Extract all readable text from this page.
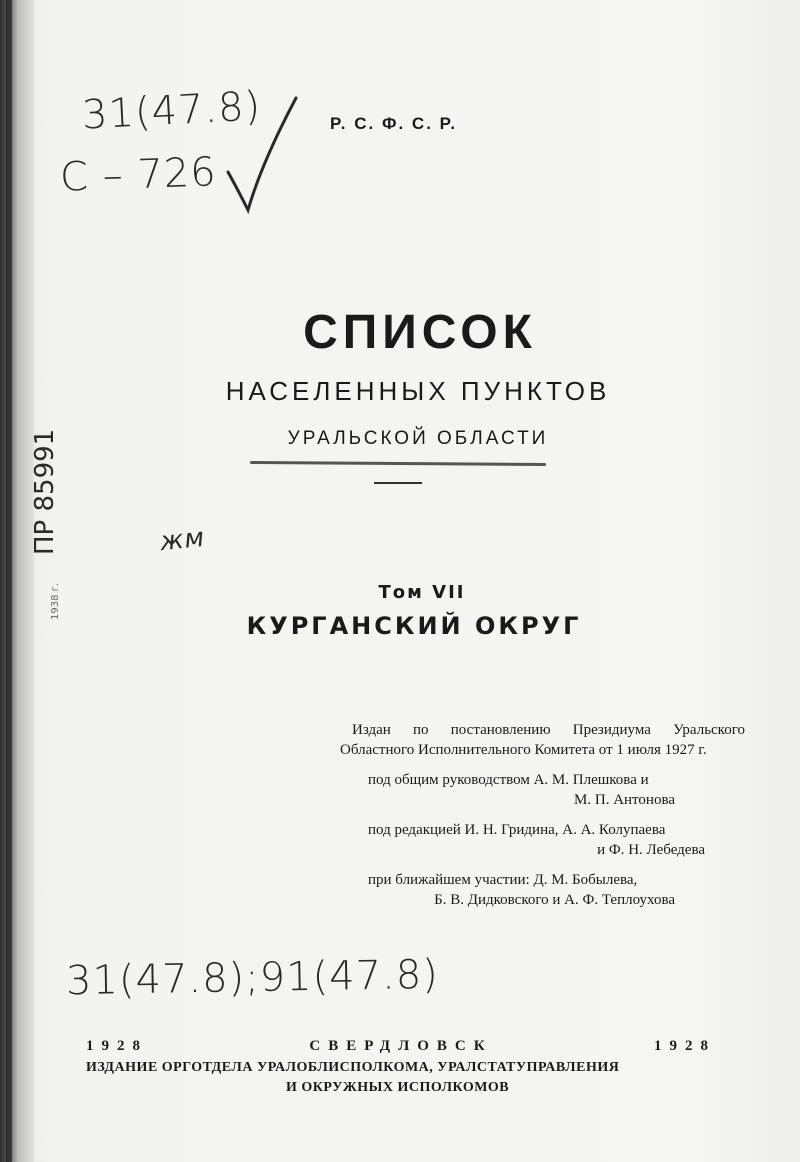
31(47.8)
С – 726
жм
31(47.8);91(47.8)
ПР 85991
1938 г.
Р. С. Ф. С. Р.
СПИСОК
НАСЕЛЕННЫХ ПУНКТОВ
УРАЛЬСКОЙ ОБЛАСТИ
Том VII
КУРГАНСКИЙ ОКРУГ

Издан по постановлению Президиума Уральского Областного Исполнительного Комитета от 1 июля 1927 г.

под общим руководством А. М. Плешкова и
М. П. Антонова

под редакцией И. Н. Гридина, А. А. Колупаева
и Ф. Н. Лебедева

при ближайшем участии: Д. М. Бобылева,
Б. В. Дидковского и А. Ф. Теплоухова

1928	СВЕРДЛОВСК	1928
ИЗДАНИЕ ОРГОТДЕЛА УРАЛОБЛИСПОЛКОМА, УРАЛСТАТУПРАВЛЕНИЯ
И ОКРУЖНЫХ ИСПОЛКОМОВ
